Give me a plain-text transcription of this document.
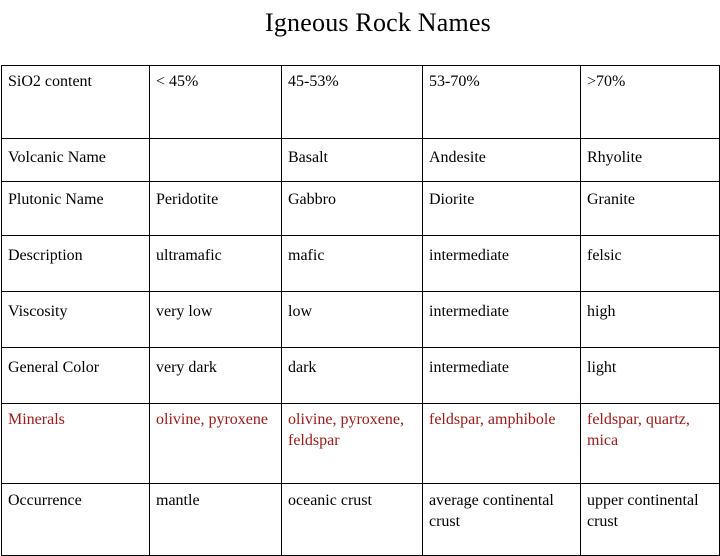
Igneous Rock Names
SiO2 content	< 45%	45-53%	53-70%	>70%
Volcanic Name		Basalt	Andesite	Rhyolite
Plutonic Name	Peridotite	Gabbro	Diorite	Granite
Description	ultramafic	mafic	intermediate	felsic
Viscosity	very low	low	intermediate	high
General Color	very dark	dark	intermediate	light
Minerals	olivine, pyroxene	olivine, pyroxene, feldspar	feldspar, amphibole	feldspar, quartz, mica
Occurrence	mantle	oceanic crust	average continental crust	upper continental crust
